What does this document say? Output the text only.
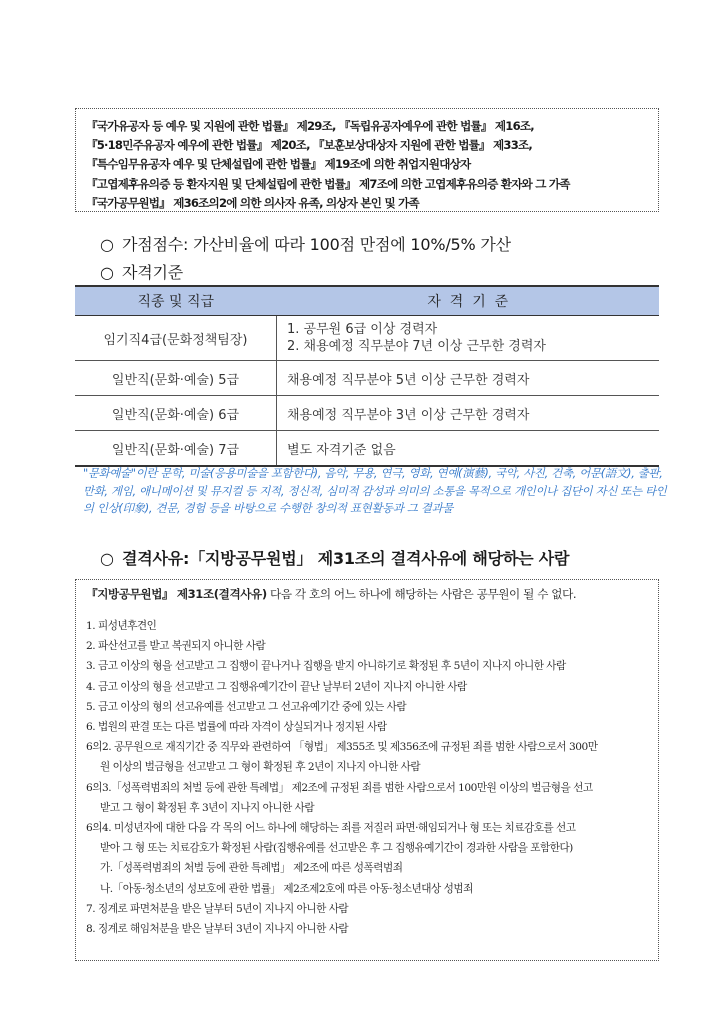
『국가유공자 등 예우 및 지원에 관한 법률』 제29조, 『독립유공자예우에 관한 법률』 제16조,
『5·18민주유공자 예우에 관한 법률』 제20조, 『보훈보상대상자 지원에 관한 법률』 제33조,
『특수임무유공자 예우 및 단체설립에 관한 법률』 제19조에 의한 취업지원대상자
『고엽제후유의증 등 환자지원 및 단체설립에 관한 법률』 제7조에 의한 고엽제후유의증 환자와 그 가족
『국가공무원법』 제36조의2에 의한 의사자 유족, 의상자 본인 및 가족
○ 가점점수: 가산비율에 따라 100점 만점에 10%/5% 가산
○ 자격기준
직종 및 직급	자  격  기  준
임기직4급(문화정책팀장)	1. 공무원 6급 이상 경력자
2. 채용예정 직무분야 7년 이상 근무한 경력자

일반직(문화·예술) 5급	채용예정 직무분야 5년 이상 근무한 경력자
일반직(문화·예술) 6급	채용예정 직무분야 3년 이상 근무한 경력자
일반직(문화·예술) 7급	별도 자격기준 없음
"문화예술"이란 문학, 미술(응용미술을 포함한다), 음악, 무용, 연극, 영화, 연예(演藝), 국악, 사진, 건축, 어문(語文), 출판, 만화, 게임, 애니메이션 및 뮤지컬 등 지적, 정신적, 심미적 감성과 의미의 소통을 목적으로 개인이나 집단이 자신 또는 타인의 인상(印象), 견문, 경험 등을 바탕으로 수행한 창의적 표현활동과 그 결과물
○ 결격사유:「지방공무원법」 제31조의 결격사유에 해당하는 사람
『지방공무원법』 제31조(결격사유) 다음 각 호의 어느 하나에 해당하는 사람은 공무원이 될 수 없다.
1. 피성년후견인
2. 파산선고를 받고 복권되지 아니한 사람
3. 금고 이상의 형을 선고받고 그 집행이 끝나거나 집행을 받지 아니하기로 확정된 후 5년이 지나지 아니한 사람
4. 금고 이상의 형을 선고받고 그 집행유예기간이 끝난 날부터 2년이 지나지 아니한 사람
5. 금고 이상의 형의 선고유예를 선고받고 그 선고유예기간 중에 있는 사람
6. 법원의 판결 또는 다른 법률에 따라 자격이 상실되거나 정지된 사람
6의2. 공무원으로 재직기간 중 직무와 관련하여 「형법」 제355조 및 제356조에 규정된 죄를 범한 사람으로서 300만
원 이상의 벌금형을 선고받고 그 형이 확정된 후 2년이 지나지 아니한 사람
6의3.「성폭력범죄의 처벌 등에 관한 특례법」 제2조에 규정된 죄를 범한 사람으로서 100만원 이상의 벌금형을 선고
받고 그 형이 확정된 후 3년이 지나지 아니한 사람
6의4. 미성년자에 대한 다음 각 목의 어느 하나에 해당하는 죄를 저질러 파면·해임되거나 형 또는 치료감호를 선고
받아 그 형 또는 치료감호가 확정된 사람(집행유예를 선고받은 후 그 집행유예기간이 경과한 사람을 포함한다)
가.「성폭력범죄의 처벌 등에 관한 특례법」 제2조에 따른 성폭력범죄
나.「아동·청소년의 성보호에 관한 법률」 제2조제2호에 따른 아동·청소년대상 성범죄
7. 징계로 파면처분을 받은 날부터 5년이 지나지 아니한 사람
8. 징계로 해임처분을 받은 날부터 3년이 지나지 아니한 사람
